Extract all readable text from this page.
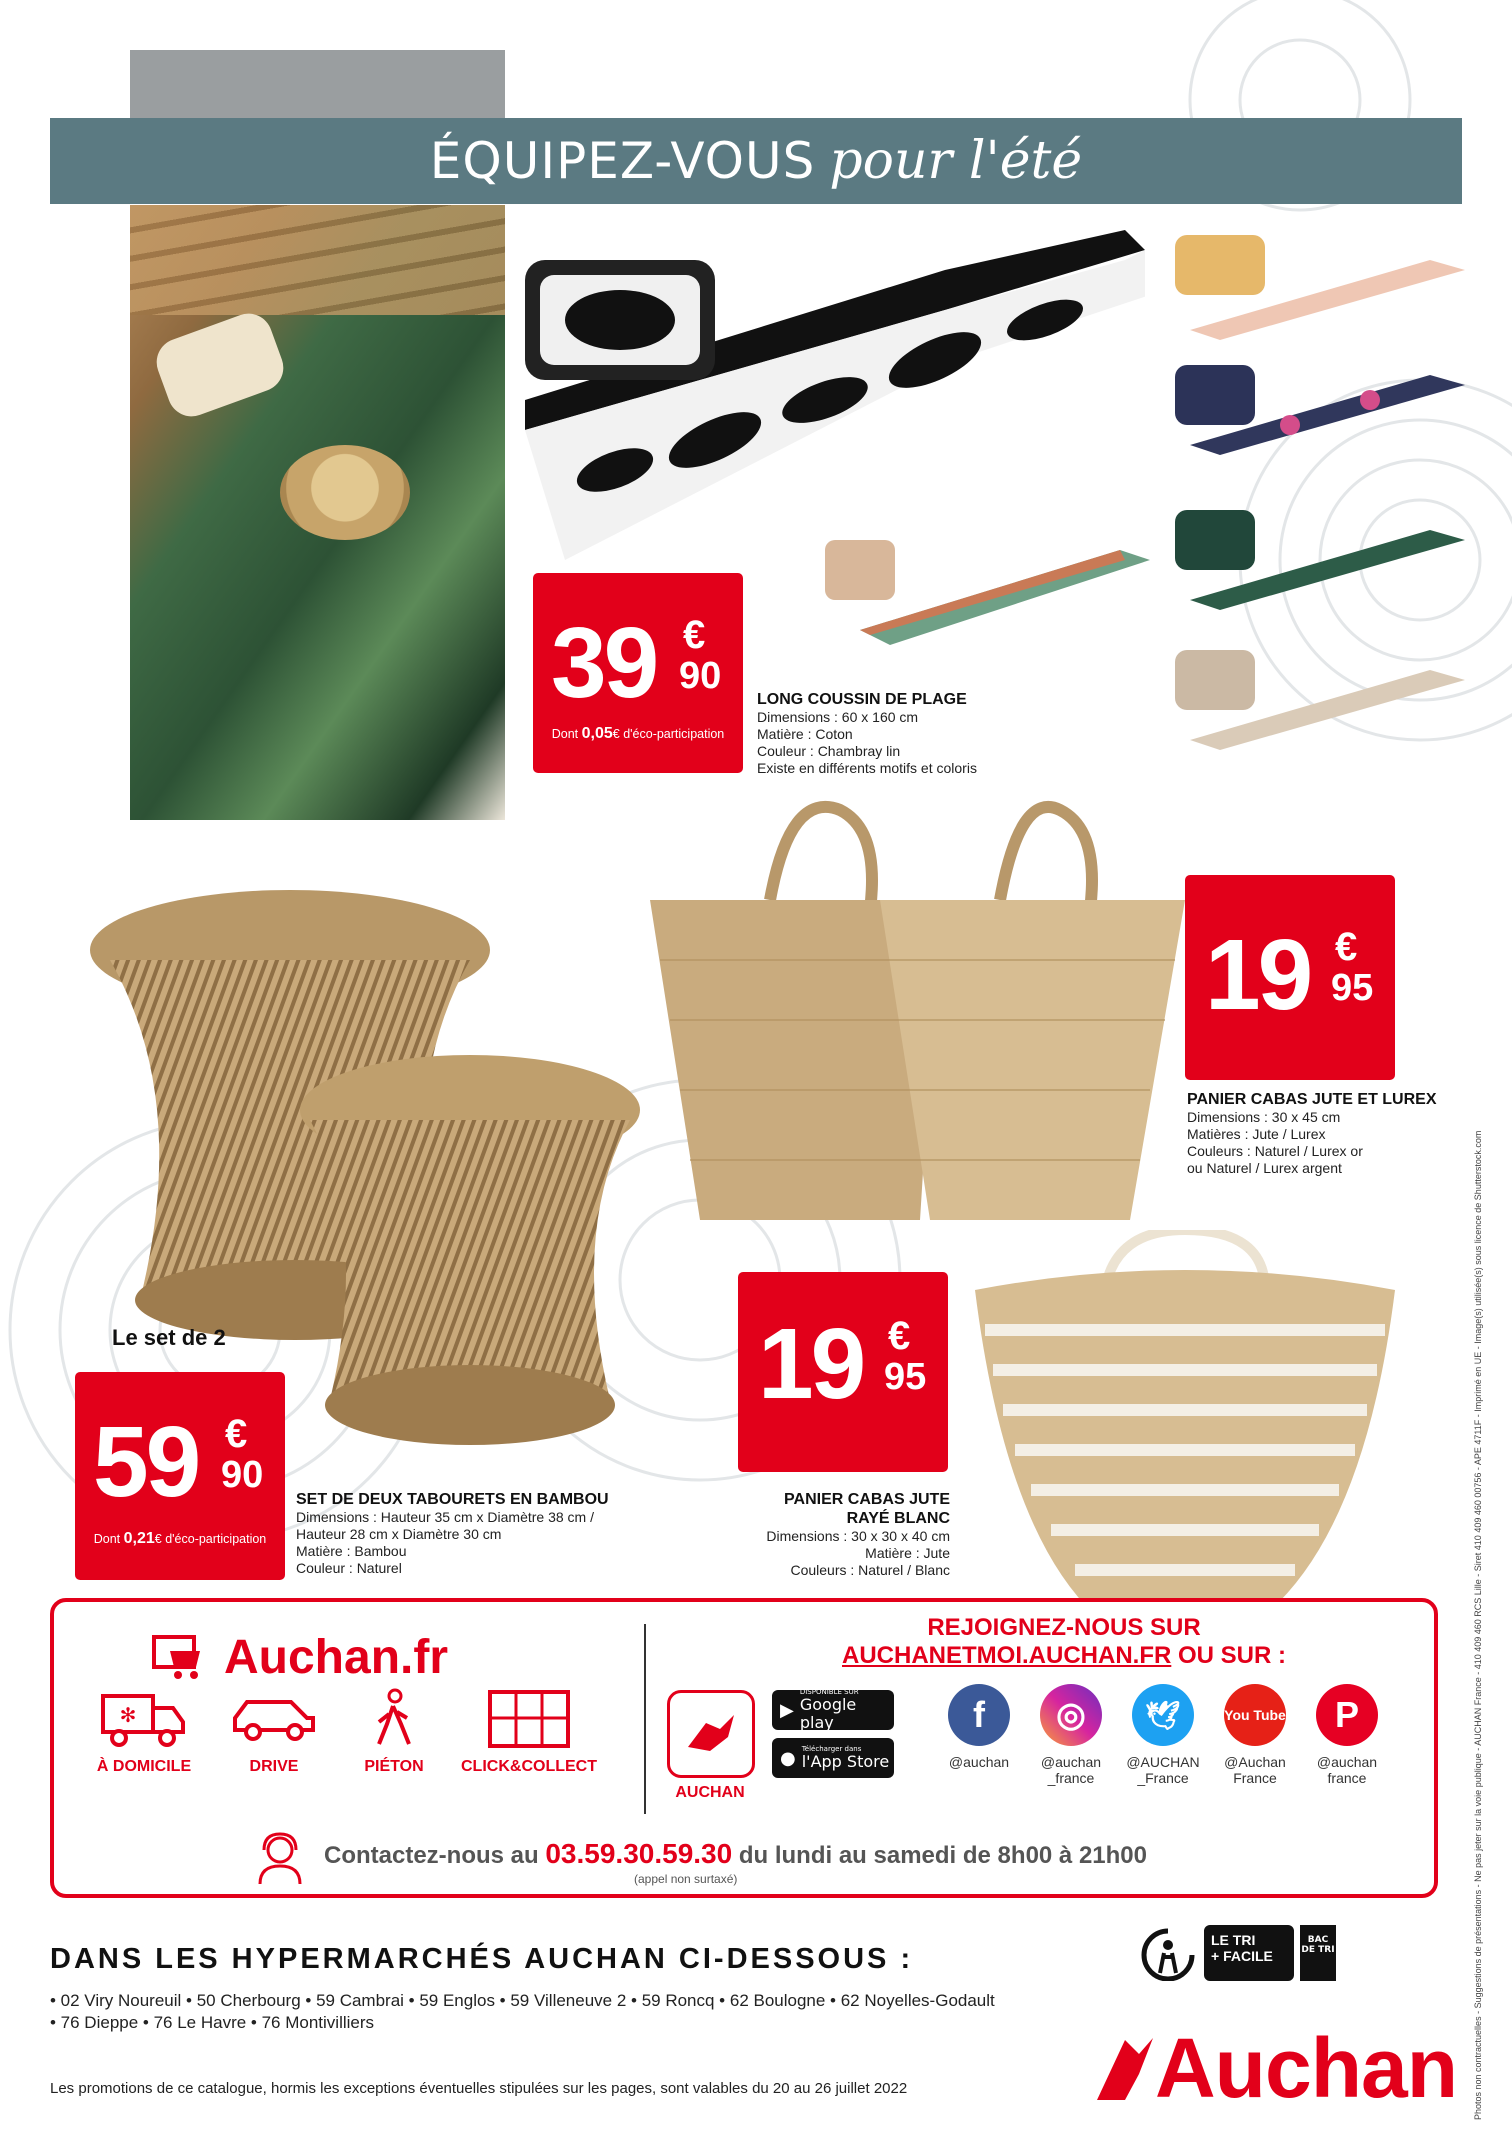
ÉQUIPEZ-VOUS pour l'été
39 €
90
Dont 0,05€ d'éco-participation
LONG COUSSIN DE PLAGE
Dimensions : 60 x 160 cm
Matière : Coton
Couleur : Chambray lin
Existe en différents motifs et coloris
19 €
95
PANIER CABAS JUTE ET LUREX
Dimensions : 30 x 45 cm
Matières : Jute / Lurex
Couleurs : Naturel / Lurex or
ou Naturel / Lurex argent
19 €
95
PANIER CABAS JUTE
RAYÉ BLANC
Dimensions : 30 x 30 x 40 cm
Matière : Jute
Couleurs : Naturel / Blanc
Le set de 2
59 €
90
Dont 0,21€ d'éco-participation
SET DE DEUX TABOURETS EN BAMBOU
Dimensions : Hauteur 35 cm x Diamètre 38 cm /
Hauteur 28 cm x Diamètre 30 cm
Matière : Bambou
Couleur : Naturel
Auchan.fr
✻
À DOMICILE	DRIVE	PIÉTON	CLICK&COLLECT
REJOIGNEZ-NOUS SUR
AUCHANETMOI.AUCHAN.FR OU SUR :
AUCHAN
▶
DISPONIBLE SUR
Google play
● Télécharger dans
l'App Store
f
@auchan

◎
@auchan
_france
🕊
@AUCHAN
_France
You Tube
@Auchan
France
P
@auchan
france
Contactez-nous au 03.59.30.59.30 du lundi au samedi de 8h00 à 21h00
(appel non surtaxé)
DANS LES HYPERMARCHÉS AUCHAN CI-DESSOUS :
• 02 Viry Noureuil • 50 Cherbourg • 59 Cambrai • 59 Englos • 59 Villeneuve 2 • 59 Roncq • 62 Boulogne • 62 Noyelles-Godault
• 76 Dieppe • 76 Le Havre • 76 Montivilliers
Les promotions de ce catalogue, hormis les exceptions éventuelles stipulées sur les pages, sont valables du 20 au 26 juillet 2022
LE TRI
+ FACILE
BAC DE TRI
Auchan Photos non contractuelles - Suggestions de présentations - Ne pas jeter sur la voie publique - AUCHAN France - 410 409 460 RCS Lille - Siret 410 409 460 00756 - APE 4711F - Imprimé en UE - Image(s) utilisée(s) sous licence de Shutterstock.com
